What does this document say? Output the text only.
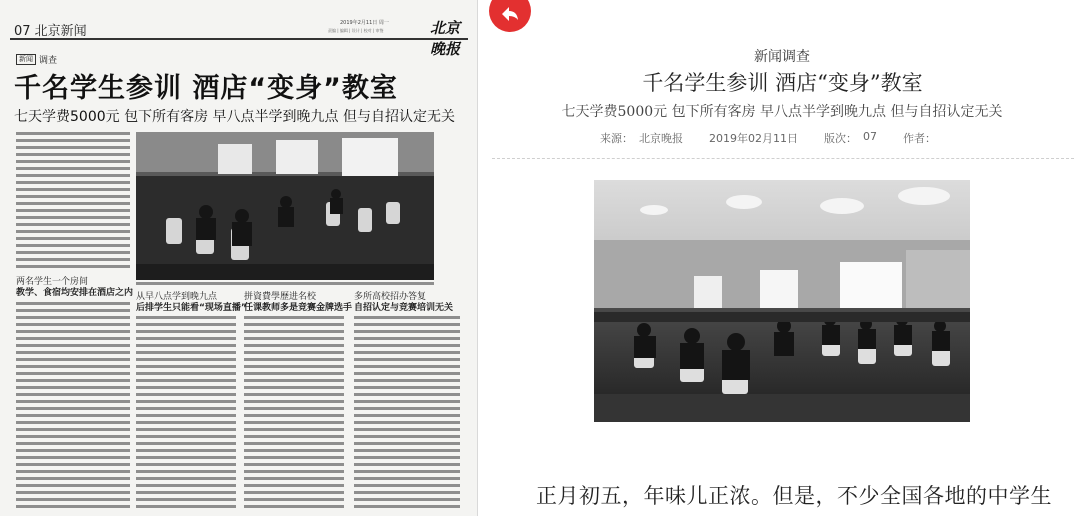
07 北京新闻
2019年2月11日 周一
责编 | 编辑 | 设计 | 校对 | 审签	北京晚报
新闻 调查
千名学生参训 酒店“变身”教室
七天学费5000元 包下所有客房 早八点半学到晚九点 但与自招认定无关
两名学生一个房间
教学、食宿均安排在酒店之内 从早八点学到晚九点
后排学生只能看“现场直播”
拼資費學歷进名校
任课教师多是竞赛金牌选手
多所高校招办答复
自招认定与竞赛培训无关
新闻调查
千名学生参训 酒店“变身”教室
七天学费5000元 包下所有客房 早八点半学到晚九点 但与自招认定无关
来源： 北京晚报 2019年02月11日 版次： 07 作者：
正月初五，年味儿正浓。但是，不少全国各地的中学生
